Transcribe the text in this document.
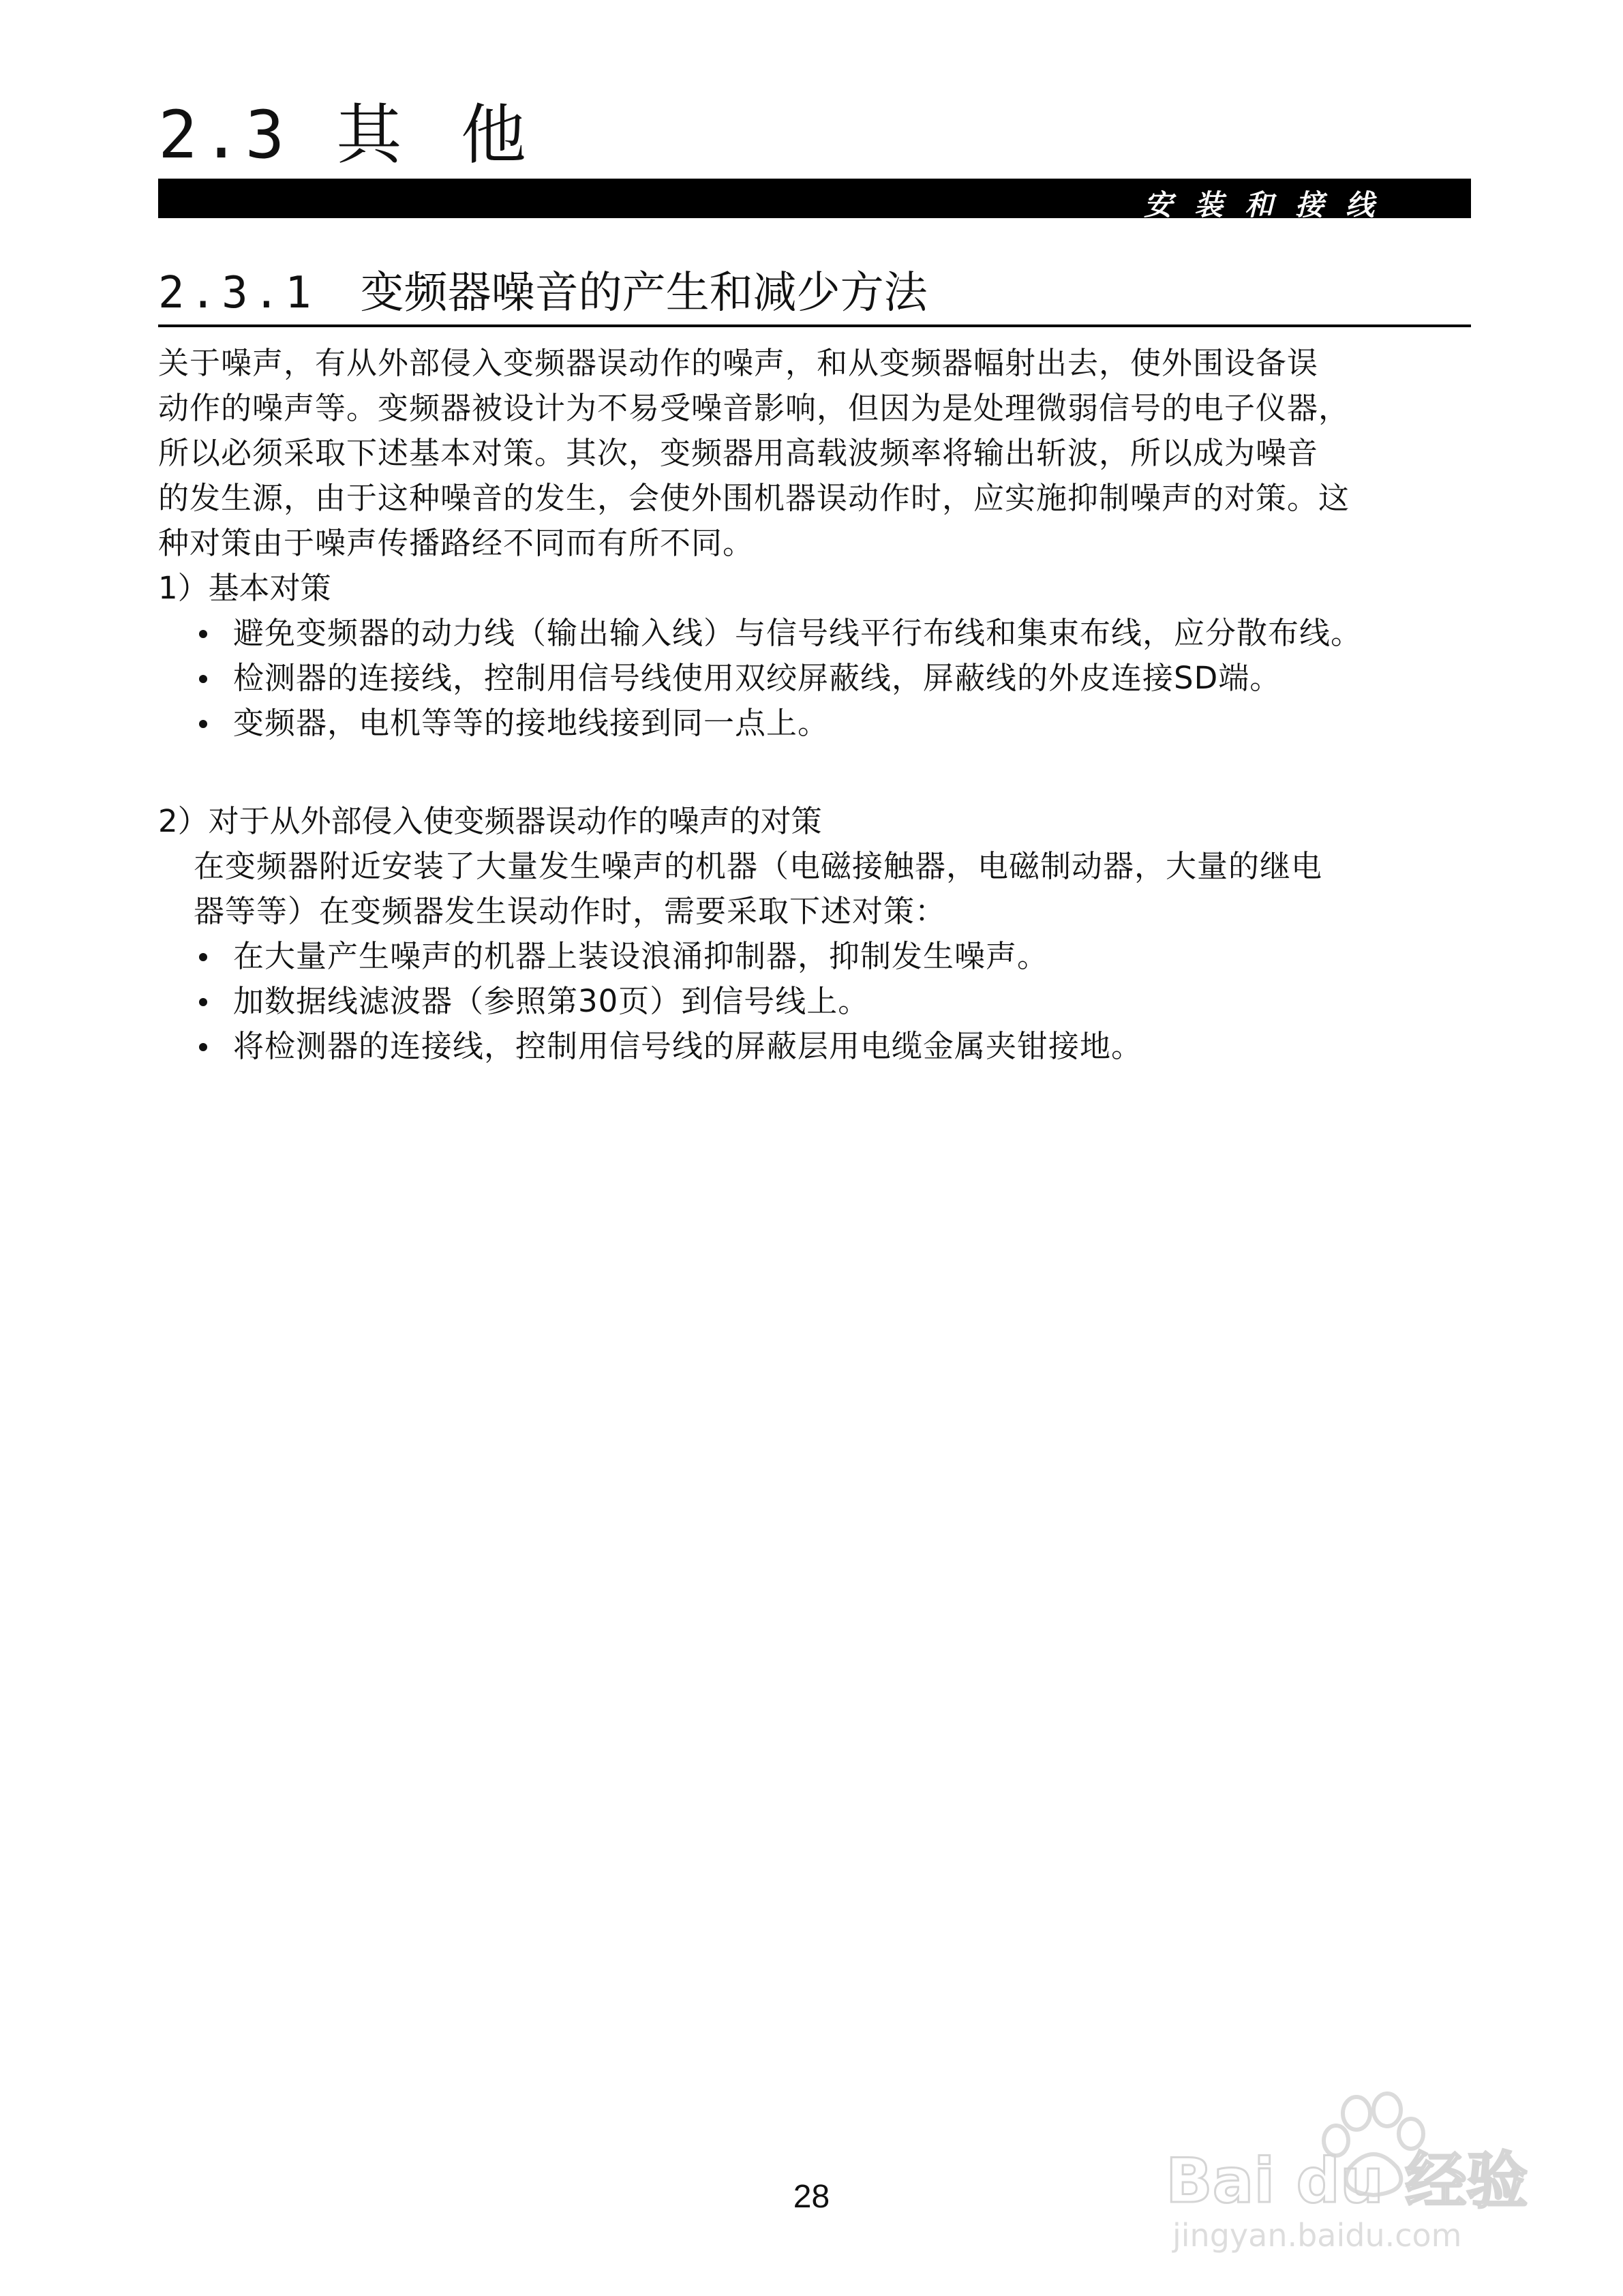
2.3 其 他
安装和接线
2.3.1 变频器噪音的产生和减少方法
关于噪声，有从外部侵入变频器误动作的噪声，和从变频器幅射出去，使外围设备误
动作的噪声等。变频器被设计为不易受噪音影响，但因为是处理微弱信号的电子仪器，
所以必须采取下述基本对策。其次，变频器用高载波频率将输出斩波，所以成为噪音
的发生源，由于这种噪音的发生，会使外围机器误动作时，应实施抑制噪声的对策。这
种对策由于噪声传播路经不同而有所不同。

1）基本对策

避免变频器的动力线（输出输入线）与信号线平行布线和集束布线，应分散布线。
检测器的连接线，控制用信号线使用双绞屏蔽线，屏蔽线的外皮连接SD端。
变频器，电机等等的接地线接到同一点上。

2）对于从外部侵入使变频器误动作的噪声的对策

在变频器附近安装了大量发生噪声的机器（电磁接触器，电磁制动器，大量的继电
器等等）在变频器发生误动作时，需要采取下述对策：
在大量产生噪声的机器上装设浪涌抑制器，抑制发生噪声。
加数据线滤波器（参照第30页）到信号线上。
将检测器的连接线，控制用信号线的屏蔽层用电缆金属夹钳接地。
28	Bai du 经验
jingyan.baidu.com
